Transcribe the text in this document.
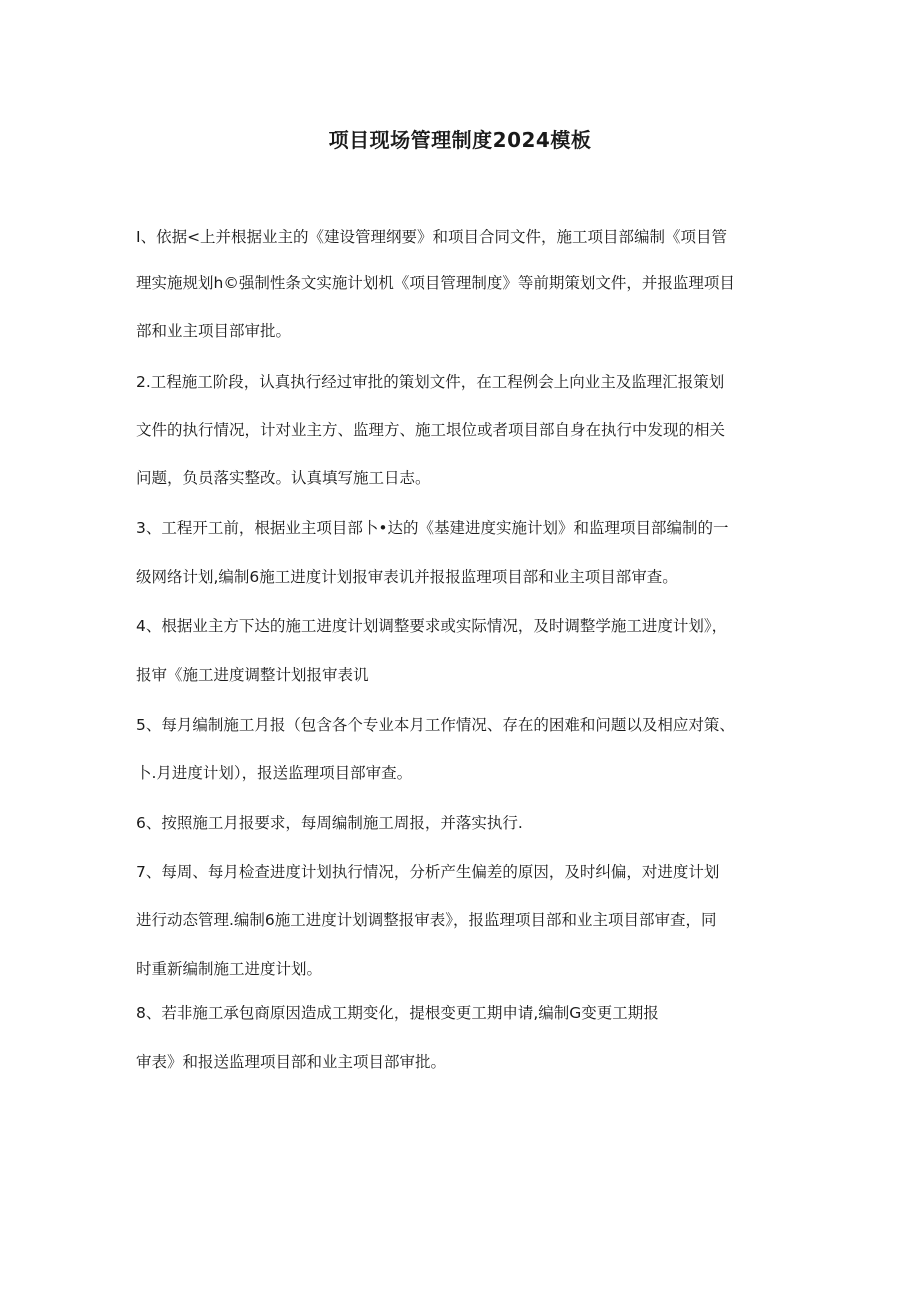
项目现场管理制度2024模板
I、依据<上并根据业主的《建设管理纲要》和项目合同文件，施工项目部编制《项目管
理实施规划h©强制性条文实施计划机《项目管理制度》等前期策划文件，并报监理项目
部和业主项目部审批。
2.工程施工阶段，认真执行经过审批的策划文件，在工程例会上向业主及监理汇报策划
文件的执行情况，计对业主方、监理方、施工垠位或者项目部自身在执行中发现的相关
问题，负员落实整改。认真填写施工日志。
3、工程开工前，根据业主项目部卜•达的《基建进度实施计划》和监理项目部编制的一
级网络计划,编制6施工进度计划报审表讥并报报监理项目部和业主项目部审查。
4、根据业主方下达的施工进度计划调整要求或实际情况，及时调整学施工进度计划》，
报审《施工进度调整计划报审表讥
5、每月编制施工月报（包含各个专业本月工作情况、存在的困难和问题以及相应对策、
卜.月进度计划），报送监理项目部审查。
6、按照施工月报要求，每周编制施工周报，并落实执行.
7、每周、每月检查进度计划执行情况，分析产生偏差的原因，及时纠偏，对进度计划
进行动态管理.编制6施工进度计划调整报审表》，报监理项目部和业主项目部审查，同
时重新编制施工进度计划。
8、若非施工承包商原因造成工期变化，提根变更工期申请,编制G变更工期报
审表》和报送监理项目部和业主项目部审批。
